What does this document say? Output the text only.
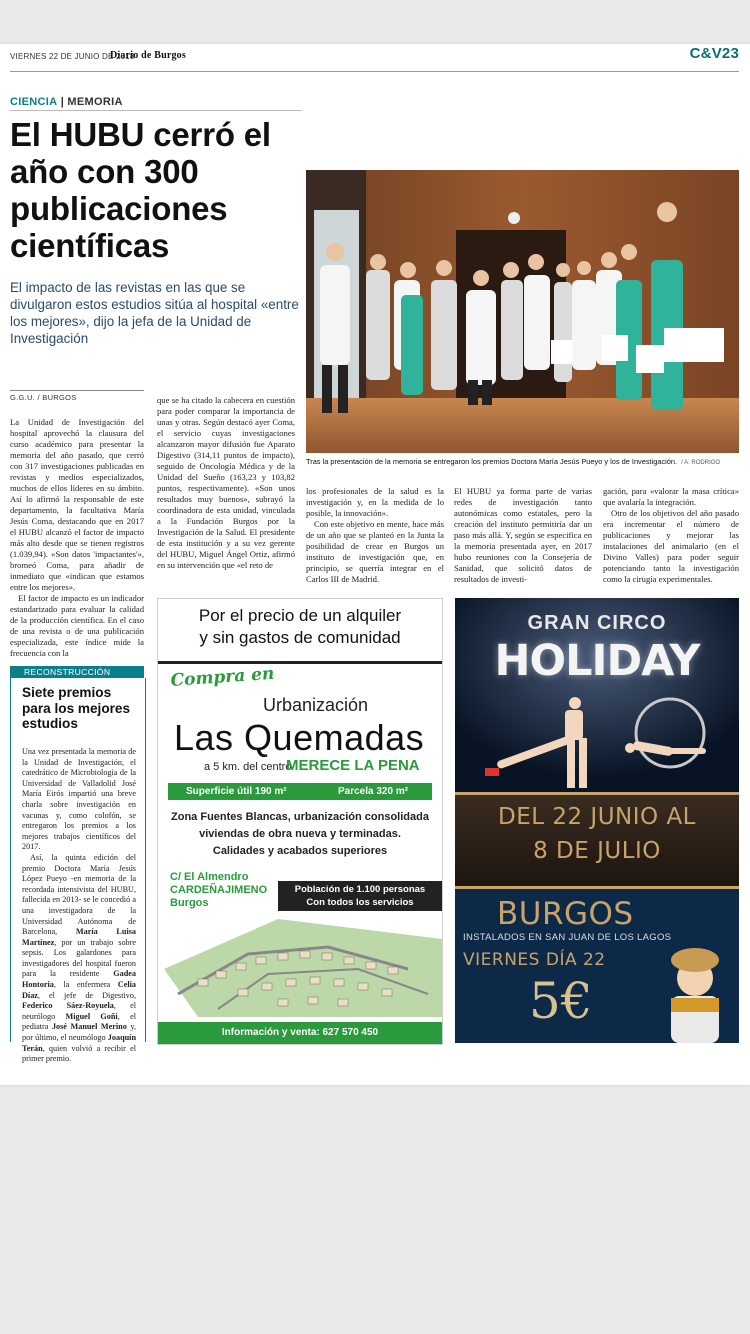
VIERNES 22 DE JUNIO DE 2018
Diario de Burgos	C&V23
CIENCIA | MEMORIA
El HUBU cerró el año con 300 publicaciones científicas

El impacto de las revistas en las que se divulgaron estos estudios sitúa al hospital «entre los mejores», dijo la jefa de la Unidad de Investigación

G.G.U. / BURGOS

La Unidad de Investigación del hospital aprovechó la clausura del curso académico para presentar la memoria del año pasado, que cerró con 317 investigaciones publicadas en revistas y medios especializados, muchos de ellos líderes en su ámbito. Así lo afirmó la responsable de este departamento, la facultativa María Jesús Coma, destacando que en 2017 el HUBU alcanzó el factor de impacto más alto desde que se tienen registros (1.039,94). «Son datos 'impactantes'», bromeó Coma, para añadir de inmediato que «indican que estamos entre los mejores».

El factor de impacto es un indicador estandarizado para evaluar la calidad de la producción científica. En el caso de una revista o de una publicación especializada, este índice mide la frecuencia con la

que se ha citado la cabecera en cuestión para poder comparar la importancia de unas y otras. Según destacó ayer Coma, el servicio cuyas investigaciones alcanzaron mayor difusión fue Aparato Digestivo (314,11 puntos de impacto), seguido de Oncología Médica y de la Unidad del Sueño (163,23 y 103,82 puntos, respectivamente). «Son unos resultados muy buenos», subrayó la coordinadora de esta unidad, vinculada a la Fundación Burgos por la Investigación de la Salud. El presidente de esta institución y a su vez gerente del HUBU, Miguel Ángel Ortiz, afirmó en su intervención que «el reto de

Tras la presentación de la memoria se entregaron los premios Doctora María Jesús Pueyo y los de Investigación. / A. RODRIGO

los profesionales de la salud es la investigación y, en la medida de lo posible, la innovación».

Con este objetivo en mente, hace más de un año que se planteó en la Junta la posibilidad de crear en Burgos un instituto de investigación que, en principio, se querría integrar en el Carlos III de Madrid.

El HUBU ya forma parte de varias redes de investigación tanto autonómicas como estatales, pero la creación del instituto permitiría dar un paso más allá. Y, según se especifica en la memoria presentada ayer, en 2017 hubo reuniones con la Consejería de Sanidad, que solicitó datos de resultados de investi-

gación, para «valorar la masa crítica» que avalaría la integración.

Otro de los objetivos del año pasado era incrementar el número de publicaciones y mejorar las instalaciones del animalario (en el Divino Valles) para poder seguir potenciando tanto la investigación como la cirugía experimentales.

RECONSTRUCCIÓN
Siete premios para los mejores estudios

Una vez presentada la memoria de la Unidad de Investigación, el catedrático de Microbiología de la Universidad de Valladolid José María Eirós impartió una breve charla sobre investigación en vacunas y, como colofón, se entregaron los premios a los mejores trabajos científicos del 2017.

Así, la quinta edición del premio Doctora María Jesús López Pueyo -en memoria de la recordada intensivista del HUBU, fallecida en 2013- se le concedió a una investigadora de la Universidad Autónoma de Barcelona, María Luisa Martínez, por un trabajo sobre sepsis. Los galardones para investigadores del hospital fueron para la residente Gadea Hontoria, la enfermera Celia Díaz, el jefe de Digestivo, Federico Sáez-Royuela, el neurólogo Miguel Goñi, el pediatra José Manuel Merino y, por último, el neumólogo Joaquín Terán, quien volvió a recibir el primer premio.

Por el precio de un alquiler
y sin gastos de comunidad
Compra en
Urbanización
Las Quemadas
a 5 km. del centro
MERECE LA PENA
Superficie útil 190 m²	Parcela 320 m²
Zona Fuentes Blancas, urbanización consolidada
viviendas de obra nueva y terminadas.
Calidades y acabados superiores
C/ El Almendro
CARDEÑAJIMENO
Burgos
Población de 1.100 personas
Con todos los servicios
Información y venta: 627 570 450
GRAN CIRCO
HOLIDAY
DEL 22 JUNIO AL
8 DE JULIO
BURGOS
INSTALADOS EN SAN JUAN DE LOS LAGOS
VIERNES DÍA 22
5€
